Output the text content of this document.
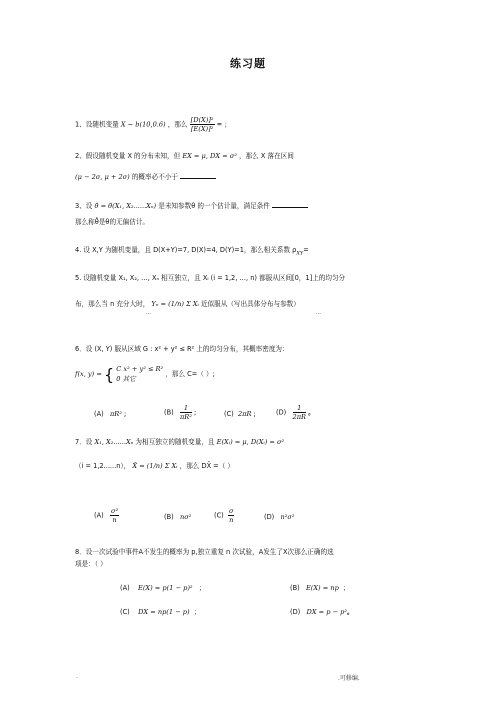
练习题
1、设随机变量 X ~ b(10,0.6) ，那么 $\frac{\text{[D(X)]²}}{\text{[E(X)]²}}$ = ；
2、假设随机变量 X 的分布未知，但 EX = μ, DX = σ² ，那么 X 落在区间
(μ − 2σ, μ + 2σ) 的概率必不小于
3、设 θ̂ = θ̂(X₁, X₂......Xₙ) 是未知参数θ 的一个估计量，满足条件
那么称θ̂是θ的无偏估计。
4. 设 X,Y 为随机变量，且 D(X+Y)=7, D(X)=4, D(Y)=1，那么相关系数 $\rho_{XY}=$
5. 设随机变量 X₁, X₂, …, Xₙ 相互独立，且 Xᵢ (i = 1,2, …, n) 都服从区间[0，1]上的均匀分
布，那么当 n 充分大时， Yₙ = (1/n) Σ Xᵢ 近似服从（写出具体分布与参数）
…	…
6．设 (X, Y) 服从区域 G : x² + y² ≤ R² 上的均匀分布，其概率密度为：
f(x, y) = { C x² + y² ≤ R²
0 其它
，那么 C=（ ）;
(A) πR² ;	$(B) \frac{1}{\text{πR²}}$ ;	(C) 2πR ;	$(D) \frac{1}{2\pi R}$ 。
7．设 X₁, X₂......Xₙ 为相互独立的随机变量，且 E(Xᵢ) = μ, D(Xᵢ) = σ²
（i = 1,2......n）， X̄ = (1/n) Σ Xᵢ ，那么 DX̄ =（ ）
$(A) \frac{\text{σ²}}{n}$	(B) nσ²	$(C) \frac{\sigma}{n}$	(D) n²σ²
8．设一次试验中事件A不发生的概率为 p,独立重复 n 次试验，A发生了X次那么正确的选
项是：（ ）
(A) E(X) = p(1 − p)² ；	(B) E(X) = np ；
(C) DX = np(1 − p) ；	(D) DX = p − p²。
.	.可修编.
